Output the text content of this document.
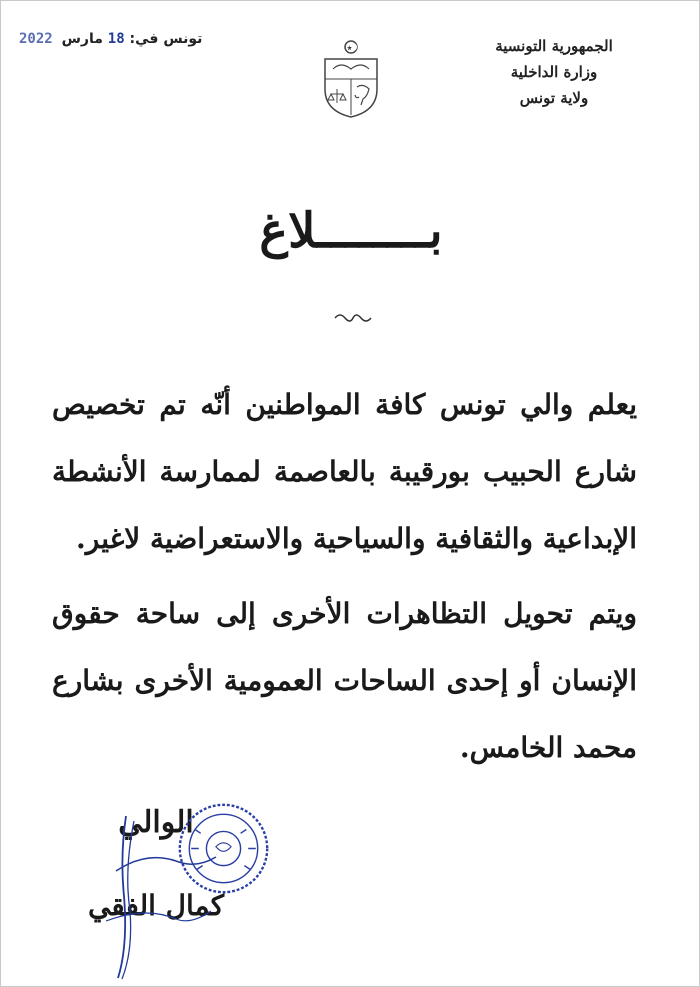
الجمهورية التونسية
وزارة الداخلية
ولاية تونس
تونس في: 18 مارس 2022
بــــــــلاغ

يعلم والي تونس كافة المواطنين أنّه تم تخصيص شارع الحبيب بورقيبة بالعاصمة لممارسة الأنشطة الإبداعية والثقافية والسياحية والاستعراضية لاغير.

ويتم تحويل التظاهرات الأخرى إلى ساحة حقوق الإنسان أو إحدى الساحات العمومية الأخرى بشارع محمد الخامس.

الوالي
كمال الفقي
